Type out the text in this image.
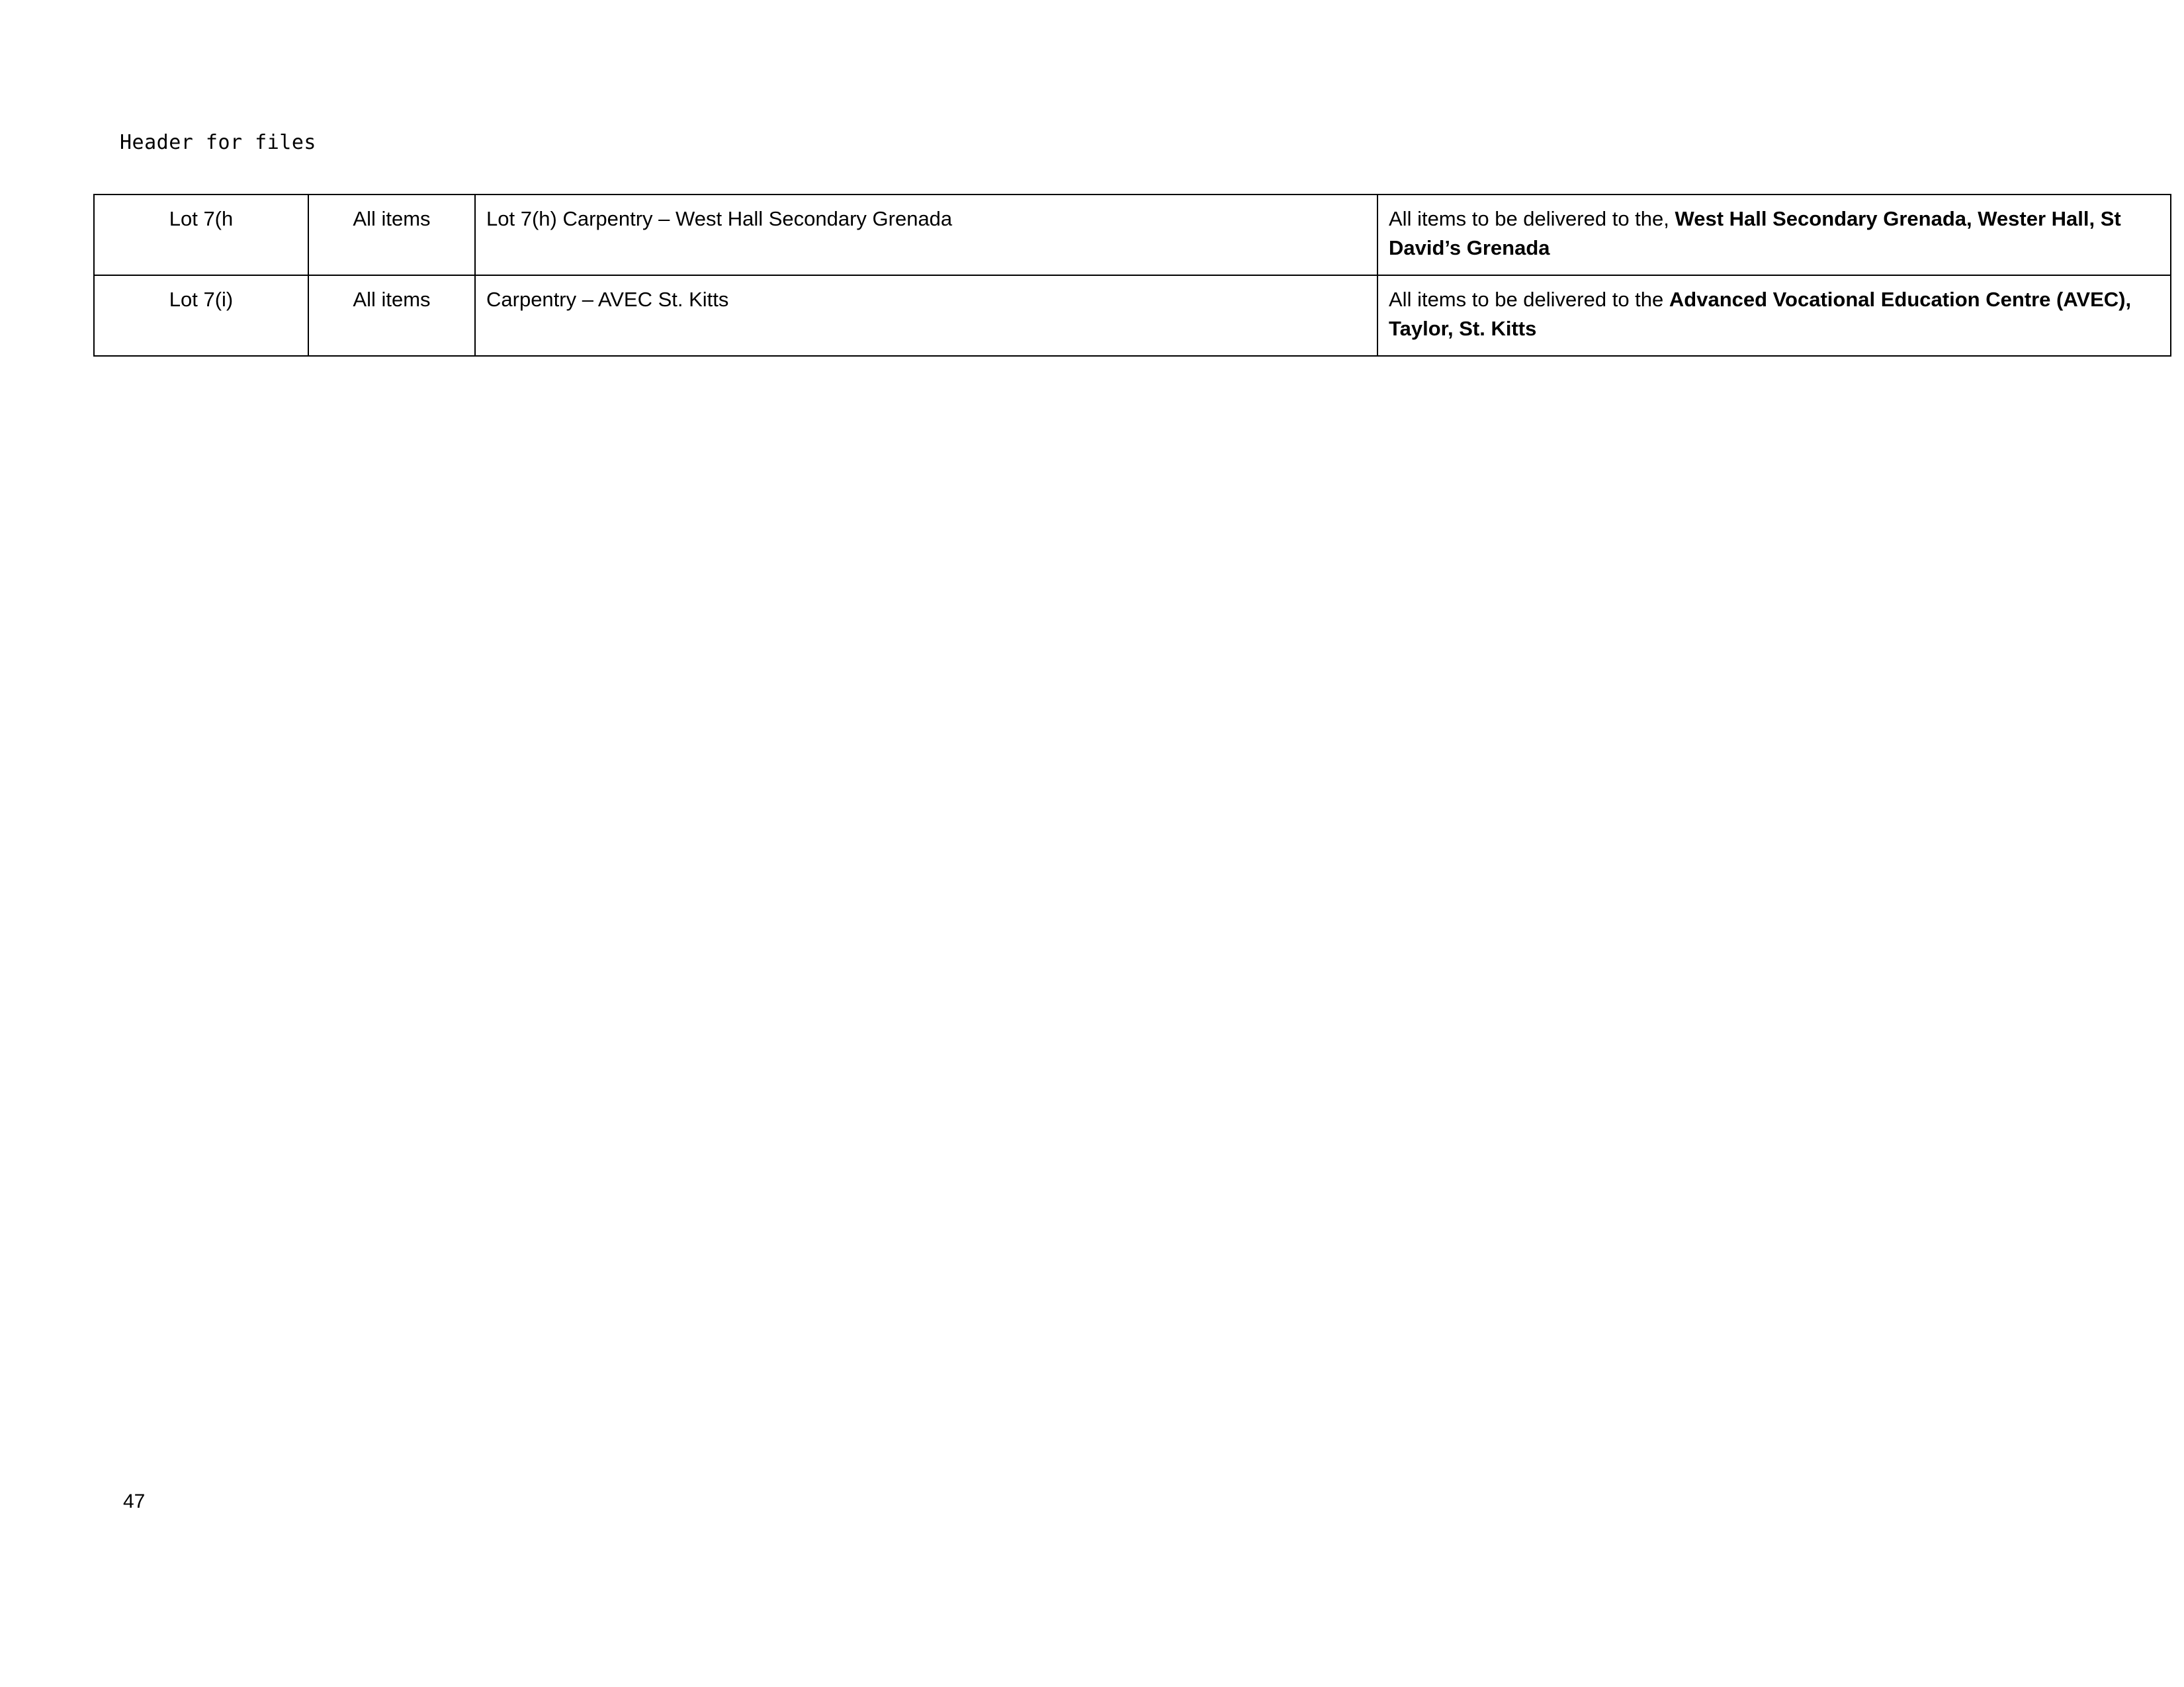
Header for files
Lot 7(h	All items	Lot 7(h) Carpentry – West Hall Secondary Grenada	All items to be delivered to the, West Hall Secondary Grenada, Wester Hall, St David’s Grenada
Lot 7(i)	All items	Carpentry – AVEC St. Kitts	All items to be delivered to the Advanced Vocational Education Centre (AVEC), Taylor, St. Kitts
47
